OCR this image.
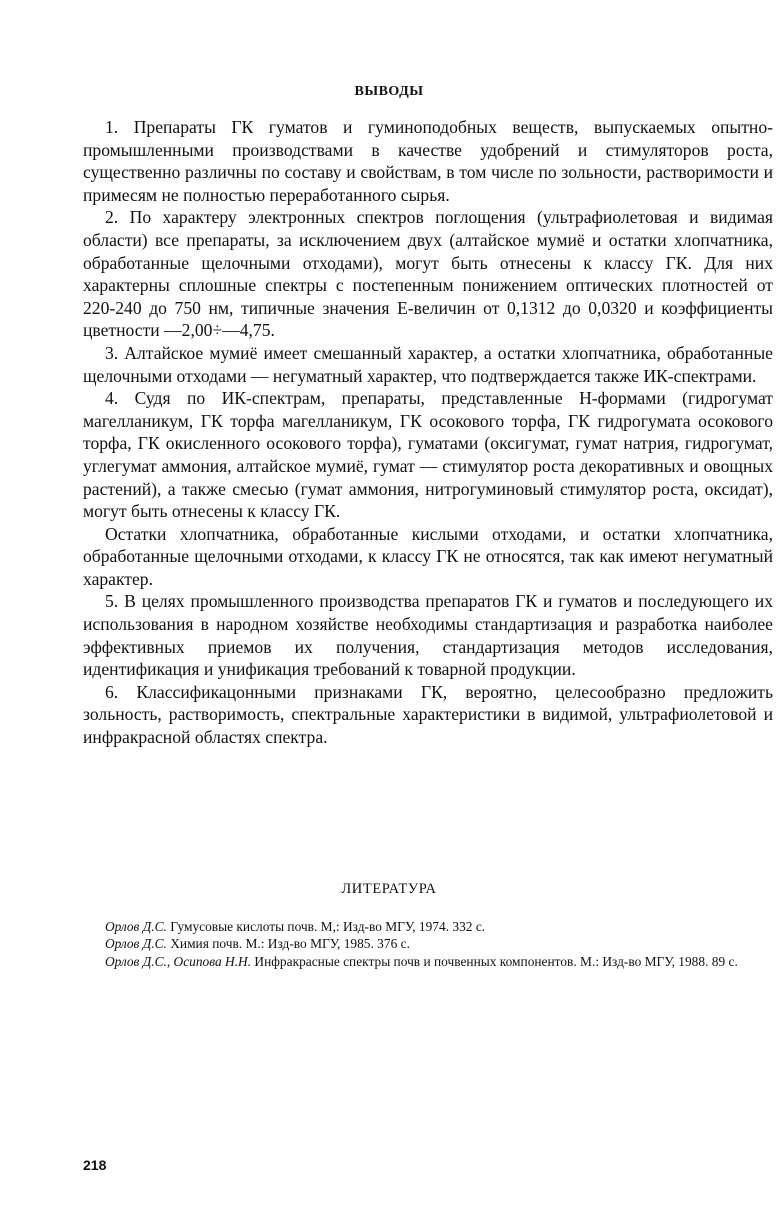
ВЫВОДЫ

1. Препараты ГК гуматов и гуминоподобных веществ, выпускаемых опытно-промышленными производствами в качестве удобрений и стимуляторов роста, существенно различны по составу и свойствам, в том числе по зольности, растворимости и примесям не полностью переработанного сырья.

2. По характеру электронных спектров поглощения (ультрафиолетовая и видимая области) все препараты, за исключением двух (алтайское мумиё и остатки хлопчатника, обработанные щелочными отходами), могут быть отнесены к классу ГК. Для них характерны сплошные спектры с постепенным понижением оптических плотностей от 220-240 до 750 нм, типичные значения Е-величин от 0,1312 до 0,0320 и коэффициенты цветности —2,00÷—4,75.

3. Алтайское мумиё имеет смешанный характер, а остатки хлопчатника, обработанные щелочными отходами — негуматный характер, что подтверждается также ИК-спектрами.

4. Судя по ИК-спектрам, препараты, представленные Н-формами (гидрогумат магелланикум, ГК торфа магелланикум, ГК осокового торфа, ГК гидрогумата осокового торфа, ГК окисленного осокового торфа), гуматами (оксигумат, гумат натрия, гидрогумат, углегумат аммония, алтайское мумиё, гумат — стимулятор роста декоративных и овощных растений), а также смесью (гумат аммония, нитрогуминовый стимулятор роста, оксидат), могут быть отнесены к классу ГК.

Остатки хлопчатника, обработанные кислыми отходами, и остатки хлопчатника, обработанные щелочными отходами, к классу ГК не относятся, так как имеют негуматный характер.

5. В целях промышленного производства препаратов ГК и гуматов и последующего их использования в народном хозяйстве необходимы стандартизация и разработка наиболее эффективных приемов их получения, стандартизация методов исследования, идентификация и унификация требований к товарной продукции.

6. Классификацонными признаками ГК, вероятно, целесообразно предложить зольность, растворимость, спектральные характеристики в видимой, ультрафиолетовой и инфракрасной областях спектра.

ЛИТЕРАТУРА

Орлов Д.С. Гумусовые кислоты почв. М,: Изд-во МГУ, 1974. 332 с.

Орлов Д.С. Химия почв. М.: Изд-во МГУ, 1985. 376 с.

Орлов Д.С., Осипова Н.Н. Инфракрасные спектры почв и почвенных компонентов. М.: Изд-во МГУ, 1988. 89 с.

218
